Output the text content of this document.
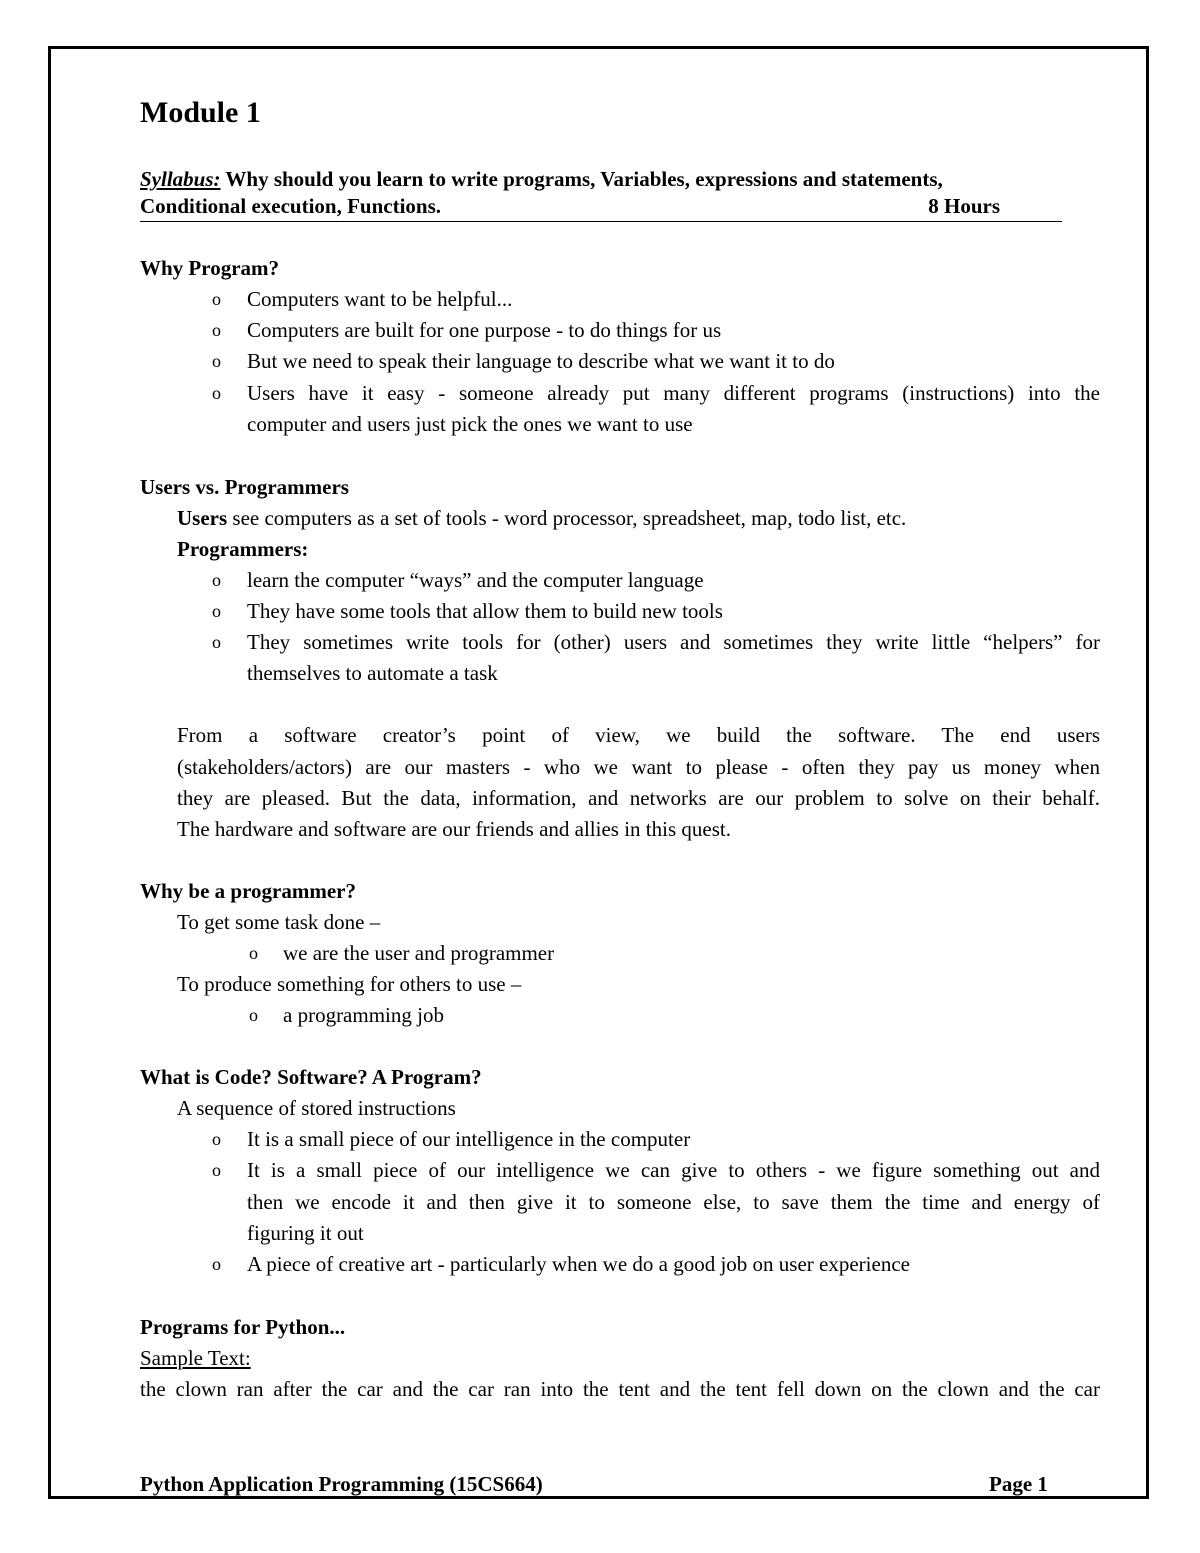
Module 1
Syllabus: Why should you learn to write programs, Variables, expressions and statements,
Conditional execution, Functions.	8 Hours
Why Program?
o Computers want to be helpful...
o Computers are built for one purpose - to do things for us
o But we need to speak their language to describe what we want it to do
o Users have it easy - someone already put many different programs (instructions) into the
computer and users just pick the ones we want to use
Users vs. Programmers
Users see computers as a set of tools - word processor, spreadsheet, map, todo list, etc.
Programmers:
o learn the computer “ways” and the computer language
o They have some tools that allow them to build new tools
o They sometimes write tools for (other) users and sometimes they write little “helpers” for
themselves to automate a task
From a software creator’s point of view, we build the software. The end users
(stakeholders/actors) are our masters - who we want to please - often they pay us money when
they are pleased. But the data, information, and networks are our problem to solve on their behalf.
The hardware and software are our friends and allies in this quest.
Why be a programmer?
To get some task done –
o we are the user and programmer
To produce something for others to use –
o a programming job
What is Code? Software? A Program?
A sequence of stored instructions
o It is a small piece of our intelligence in the computer
o It is a small piece of our intelligence we can give to others - we figure something out and
then we encode it and then give it to someone else, to save them the time and energy of
figuring it out
o A piece of creative art - particularly when we do a good job on user experience
Programs for Python...
Sample Text:
the clown ran after the car and the car ran into the tent and the tent fell down on the clown and the car
Python Application Programming (15CS664)	Page 1
